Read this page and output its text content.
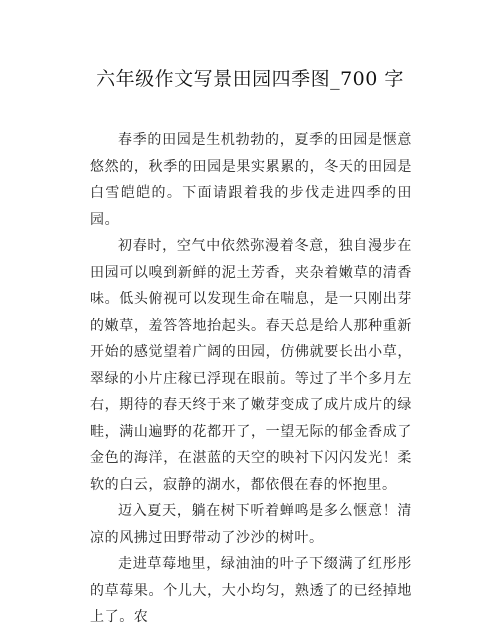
六年级作文写景田园四季图_700 字

春季的田园是生机勃勃的，夏季的田园是惬意悠然的，秋季的田园是果实累累的，冬天的田园是白雪皑皑的。下面请跟着我的步伐走进四季的田园。

初春时，空气中依然弥漫着冬意，独自漫步在田园可以嗅到新鲜的泥土芳香，夹杂着嫩草的清香味。低头俯视可以发现生命在喘息，是一只刚出芽的嫩草，羞答答地抬起头。春天总是给人那种重新开始的感觉望着广阔的田园，仿佛就要长出小草，翠绿的小片庄稼已浮现在眼前。等过了半个多月左右，期待的春天终于来了嫩芽变成了成片成片的绿畦，满山遍野的花都开了，一望无际的郁金香成了金色的海洋，在湛蓝的天空的映衬下闪闪发光！柔软的白云，寂静的湖水，都依偎在春的怀抱里。

迈入夏天，躺在树下听着蝉鸣是多么惬意！清凉的风拂过田野带动了沙沙的树叶。

走进草莓地里，绿油油的叶子下缀满了红彤彤的草莓果。个儿大，大小均匀，熟透了的已经掉地上了。农
